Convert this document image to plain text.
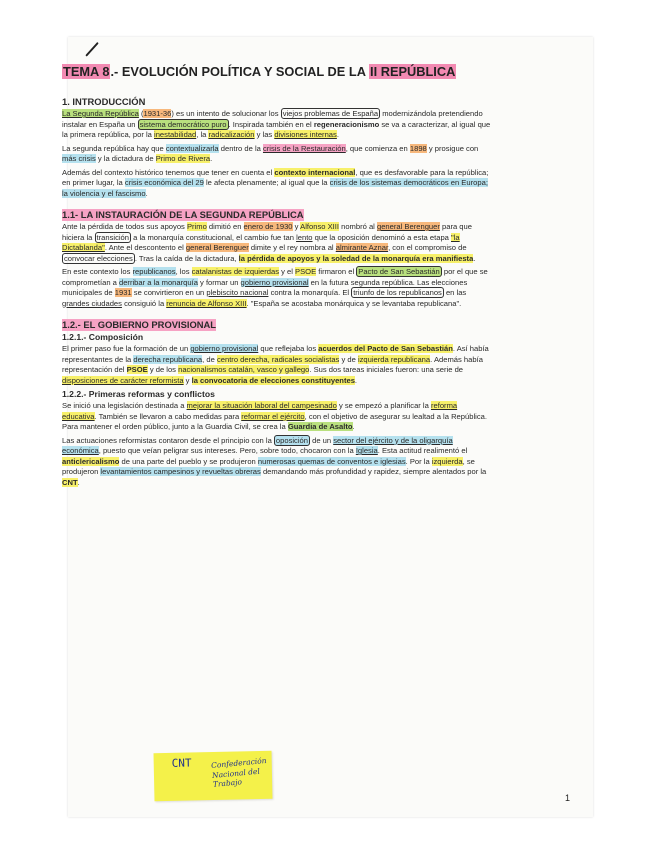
TEMA 8.- EVOLUCIÓN POLÍTICA Y SOCIAL DE LA II REPÚBLICA
1. INTRODUCCIÓN

La Segunda República (1931-36) es un intento de solucionar los viejos problemas de España modernizándola pretendiendo instalar en España un sistema democrático puro . Inspirada también en el regeneracionismo se va a caracterizar, al igual que la primera república, por la inestabilidad, la radicalización y las divisiones internas.

La segunda república hay que contextualizarla dentro de la crisis de la Restauración, que comienza en 1898 y prosigue con más crisis y la dictadura de Primo de Rivera.

Además del contexto histórico tenemos que tener en cuenta el contexto internacional, que es desfavorable para la república; en primer lugar, la crisis económica del 29 le afecta plenamente; al igual que la crisis de los sistemas democráticos en Europa; la violencia y el fascismo.

1.1- LA INSTAURACIÓN DE LA SEGUNDA REPÚBLICA

Ante la pérdida de todos sus apoyos Primo dimitió en enero de 1930 y Alfonso XIII nombró al general Berenguer para que hiciera la transición a la monarquía constitucional, el cambio fue tan lento que la oposición denominó a esta etapa "la Dictablanda". Ante el descontento el general Berenguer dimite y el rey nombra al almirante Aznar, con el compromiso de convocar elecciones . Tras la caída de la dictadura, la pérdida de apoyos y la soledad de la monarquía era manifiesta.

En este contexto los republicanos, los catalanistas de izquierdas y el PSOE firmaron el Pacto de San Sebastián por el que se comprometían a derribar a la monarquía y formar un gobierno provisional en la futura segunda república. Las elecciones municipales de 1931 se convirtieron en un plebiscito nacional contra la monarquía. El triunfo de los republicanos en las grandes ciudades consiguió la renuncia de Alfonso XIII. "España se acostaba monárquica y se levantaba republicana".

1.2.- EL GOBIERNO PROVISIONAL
1.2.1.- Composición

El primer paso fue la formación de un gobierno provisional que reflejaba los acuerdos del Pacto de San Sebastián. Así había representantes de la derecha republicana, de centro derecha, radicales socialistas y de izquierda republicana. Además había representación del PSOE y de los nacionalismos catalán, vasco y gallego. Sus dos tareas iniciales fueron: una serie de disposiciones de carácter reformista y la convocatoria de elecciones constituyentes.

1.2.2.- Primeras reformas y conflictos

Se inició una legislación destinada a mejorar la situación laboral del campesinado y se empezó a planificar la reforma educativa. También se llevaron a cabo medidas para reformar el ejército, con el objetivo de asegurar su lealtad a la República. Para mantener el orden público, junto a la Guardia Civil, se crea la Guardia de Asalto.

Las actuaciones reformistas contaron desde el principio con la oposición de un sector del ejército y de la oligarquía económica, puesto que veían peligrar sus intereses. Pero, sobre todo, chocaron con la Iglesia. Esta actitud realimentó el anticlericalismo de una parte del pueblo y se produjeron numerosas quemas de conventos e iglesias. Por la izquierda, se produjeron levantamientos campesinos y revueltas obreras demandando más profundidad y rapidez, siempre alentados por la CNT.

CNT	Confederación
Nacional del
Trabajo
1
